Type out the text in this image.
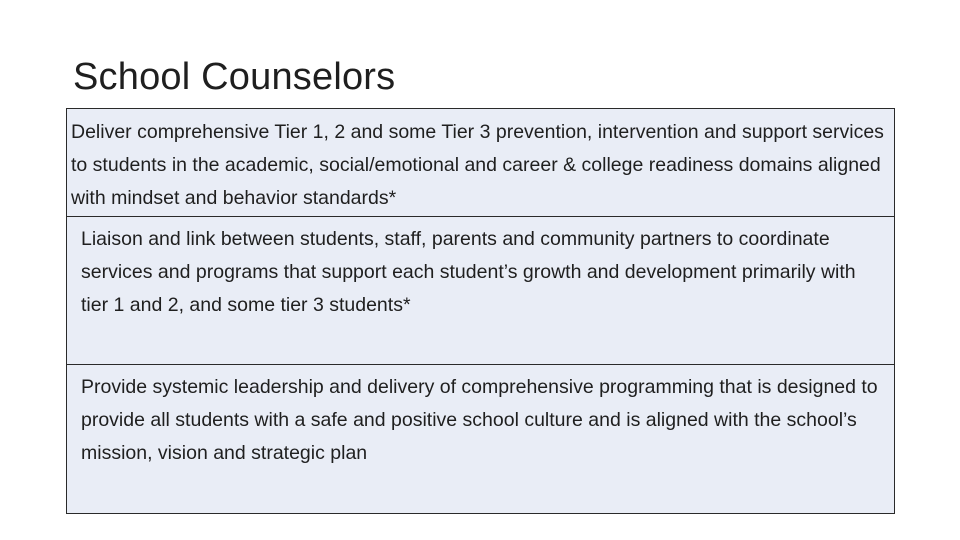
School Counselors
Deliver comprehensive Tier 1, 2 and some Tier 3 prevention, intervention and support services to students in the academic, social/emotional and career & college readiness domains aligned with mindset and behavior standards*
Liaison and link between students, staff, parents and community partners to coordinate services and programs that support each student’s growth and development primarily with tier 1 and 2, and some tier 3 students*
Provide systemic leadership and delivery of comprehensive programming that is designed to provide all students with a safe and positive school culture and is aligned with the school’s mission, vision and strategic plan
